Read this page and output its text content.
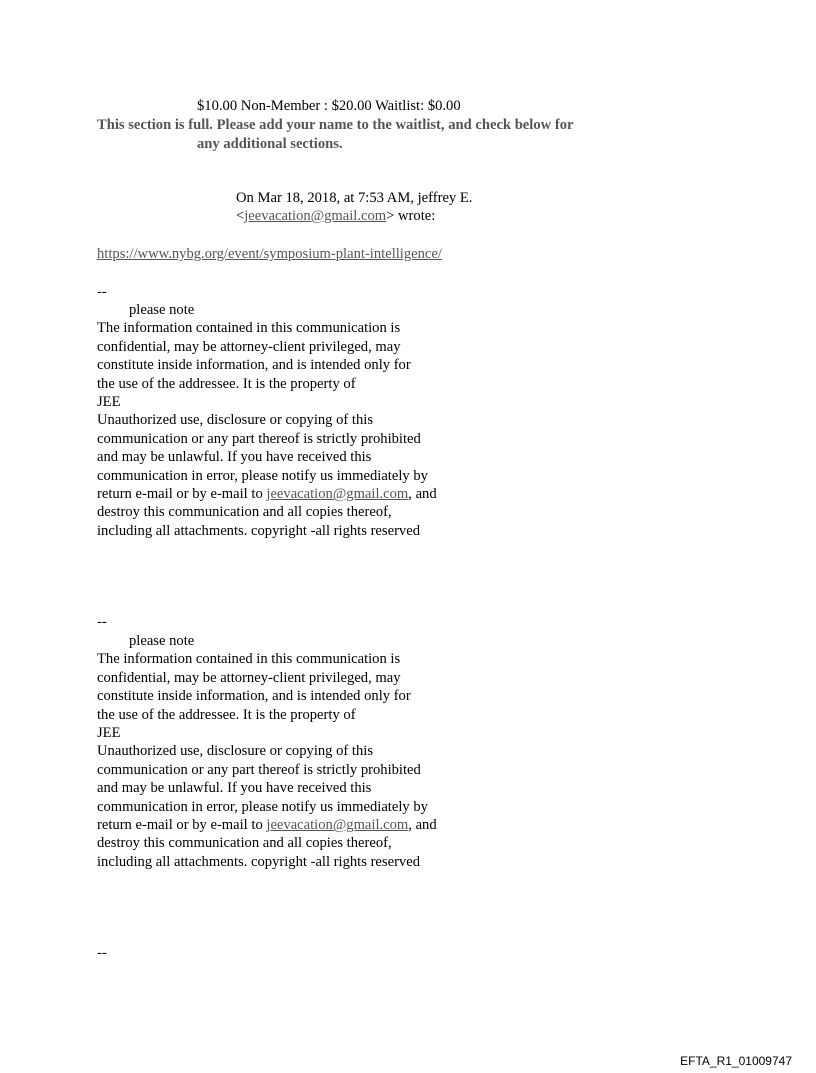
$10.00 Non-Member : $20.00 Waitlist: $0.00
This section is full. Please add your name to the waitlist, and check below for
any additional sections.
On Mar 18, 2018, at 7:53 AM, jeffrey E.
<jeevacation@gmail.com> wrote:
https://www.nybg.org/event/symposium-plant-intelligence/
--
please note
The information contained in this communication is
confidential, may be attorney-client privileged, may
constitute inside information, and is intended only for
the use of the addressee. It is the property of
JEE
Unauthorized use, disclosure or copying of this
communication or any part thereof is strictly prohibited
and may be unlawful. If you have received this
communication in error, please notify us immediately by
return e-mail or by e-mail to jeevacation@gmail.com, and
destroy this communication and all copies thereof,
including all attachments. copyright -all rights reserved
--
please note
The information contained in this communication is
confidential, may be attorney-client privileged, may
constitute inside information, and is intended only for
the use of the addressee. It is the property of
JEE
Unauthorized use, disclosure or copying of this
communication or any part thereof is strictly prohibited
and may be unlawful. If you have received this
communication in error, please notify us immediately by
return e-mail or by e-mail to jeevacation@gmail.com, and
destroy this communication and all copies thereof,
including all attachments. copyright -all rights reserved
--
EFTA_R1_01009747
